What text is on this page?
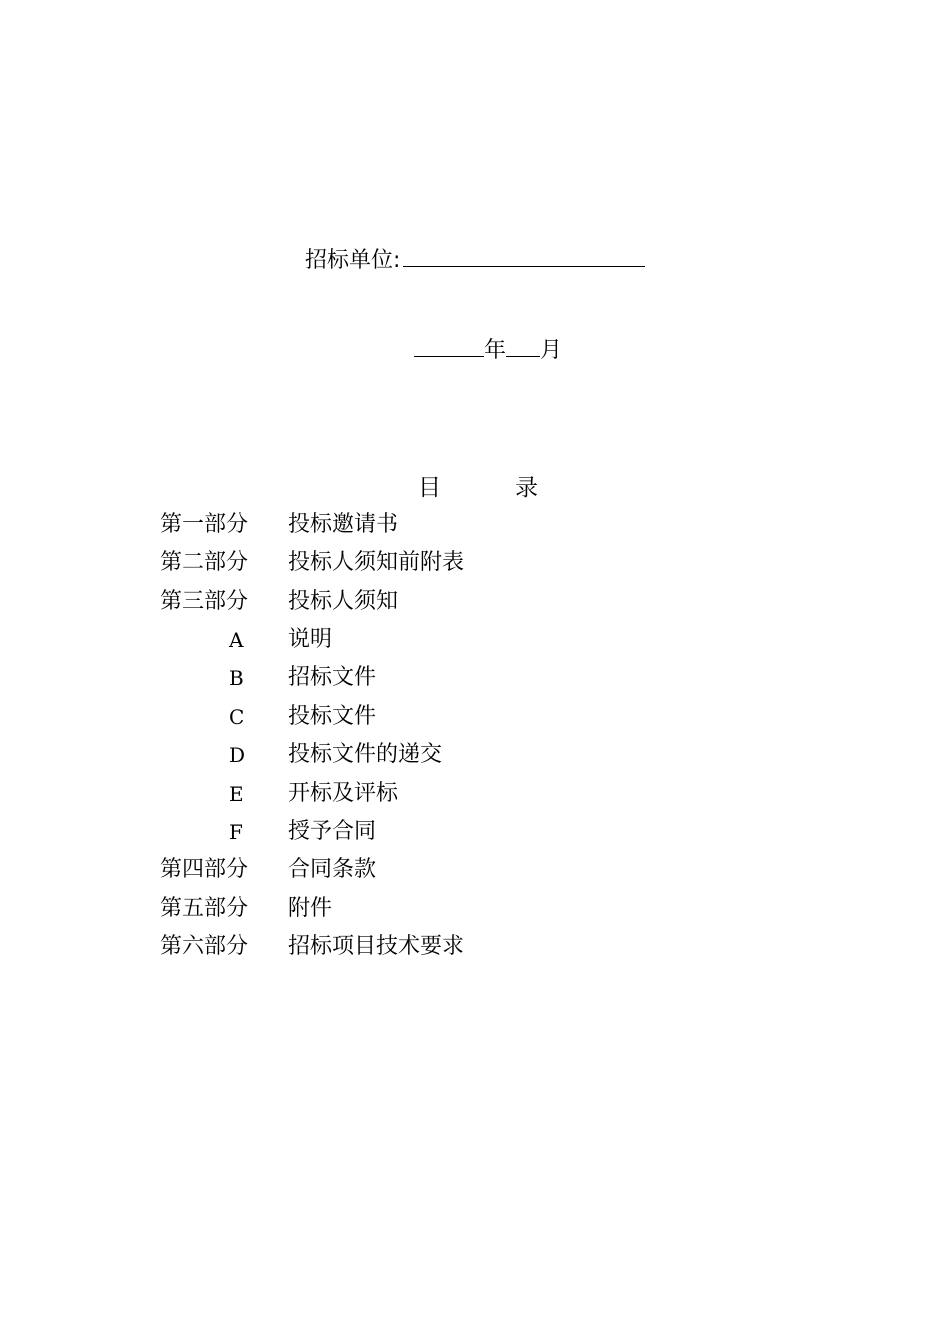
招标单位:
年 月
目	录
第一部分 投标邀请书
第二部分 投标人须知前附表
第三部分 投标人须知
A 说明
B 招标文件
C 投标文件
D 投标文件的递交
E 开标及评标
F 授予合同
第四部分 合同条款
第五部分 附件
第六部分 招标项目技术要求
